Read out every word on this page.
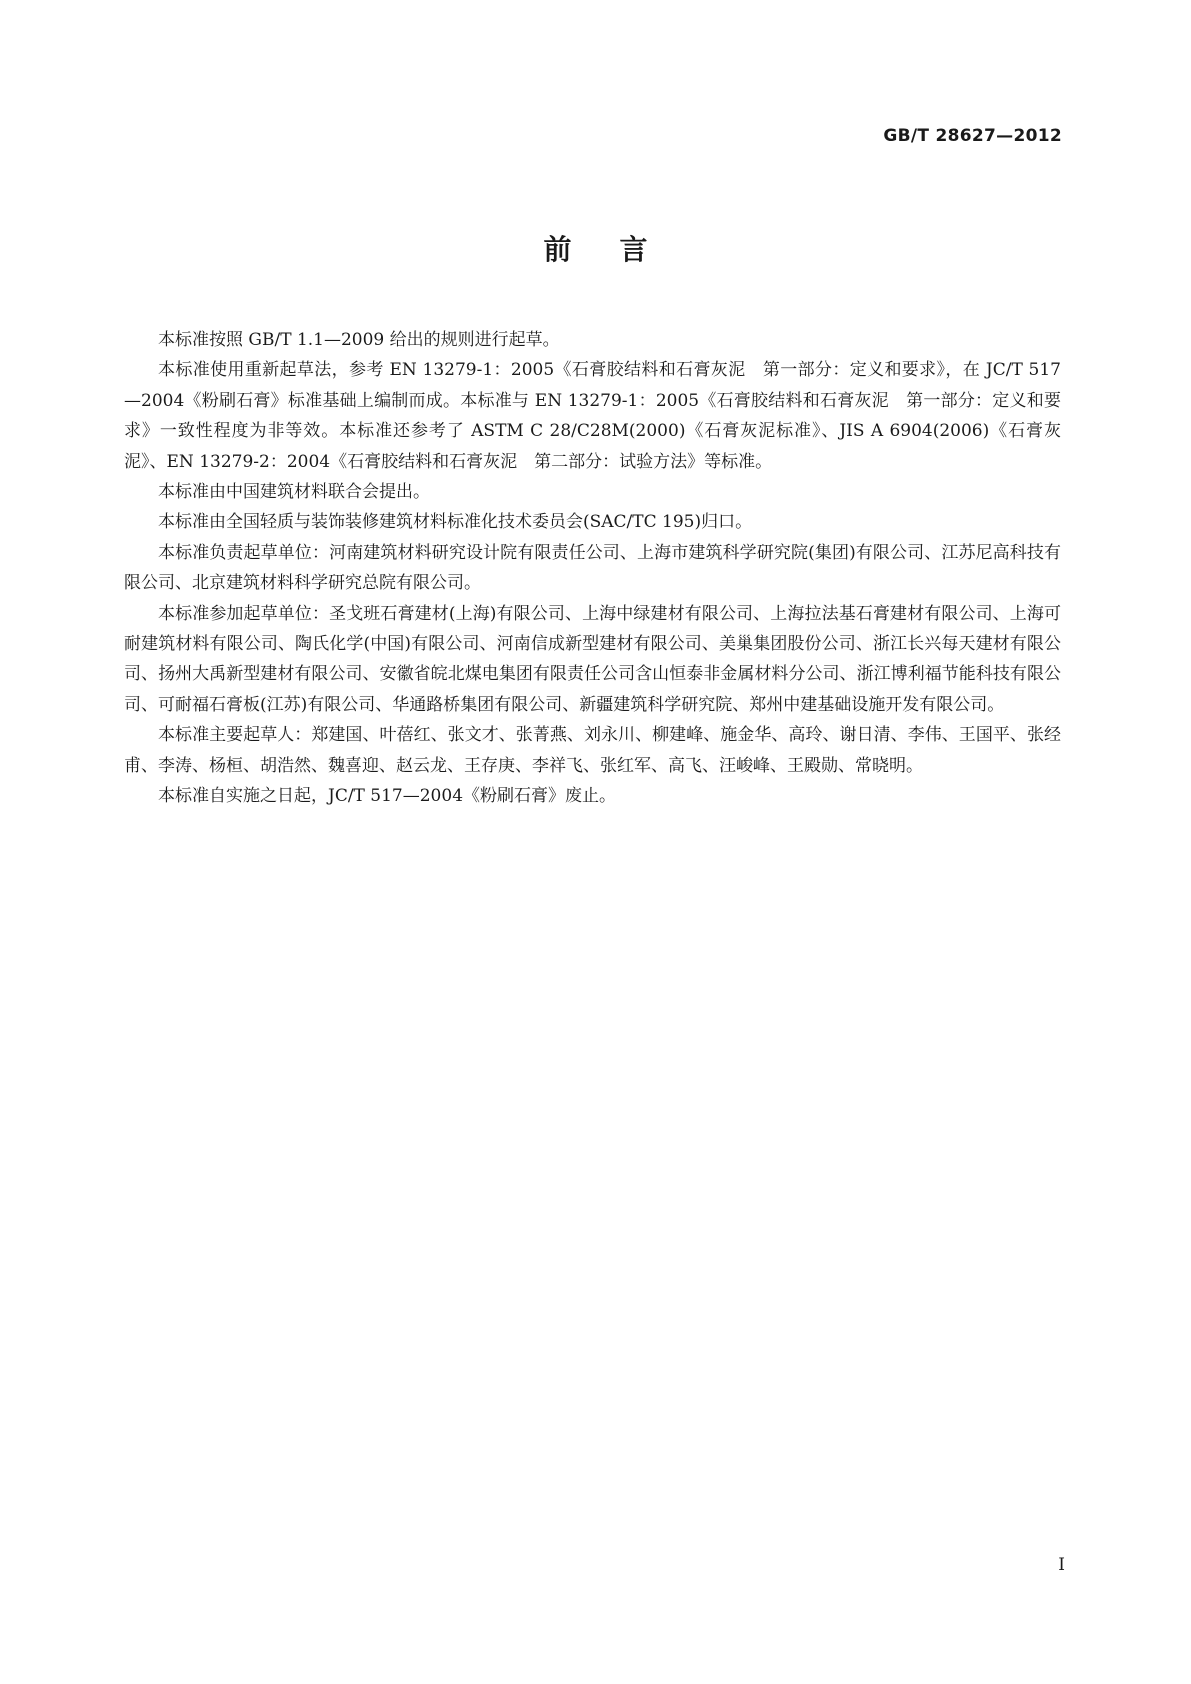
GB/T 28627—2012
前言

本标准按照 GB/T 1.1—2009 给出的规则进行起草。

本标准使用重新起草法，参考 EN 13279-1：2005《石膏胶结料和石膏灰泥　第一部分：定义和要求》，在 JC/T 517—2004《粉刷石膏》标准基础上编制而成。本标准与 EN 13279-1：2005《石膏胶结料和石膏灰泥　第一部分：定义和要求》一致性程度为非等效。本标准还参考了 ASTM C 28/C28M(2000)《石膏灰泥标准》、JIS A 6904(2006)《石膏灰泥》、EN 13279-2：2004《石膏胶结料和石膏灰泥　第二部分：试验方法》等标准。

本标准由中国建筑材料联合会提出。

本标准由全国轻质与装饰装修建筑材料标准化技术委员会(SAC/TC 195)归口。

本标准负责起草单位：河南建筑材料研究设计院有限责任公司、上海市建筑科学研究院(集团)有限公司、江苏尼高科技有限公司、北京建筑材料科学研究总院有限公司。

本标准参加起草单位：圣戈班石膏建材(上海)有限公司、上海中绿建材有限公司、上海拉法基石膏建材有限公司、上海可耐建筑材料有限公司、陶氏化学(中国)有限公司、河南信成新型建材有限公司、美巢集团股份公司、浙江长兴每天建材有限公司、扬州大禹新型建材有限公司、安徽省皖北煤电集团有限责任公司含山恒泰非金属材料分公司、浙江博利福节能科技有限公司、可耐福石膏板(江苏)有限公司、华通路桥集团有限公司、新疆建筑科学研究院、郑州中建基础设施开发有限公司。

本标准主要起草人：郑建国、叶蓓红、张文才、张菁燕、刘永川、柳建峰、施金华、高玲、谢日清、李伟、王国平、张经甫、李涛、杨桓、胡浩然、魏喜迎、赵云龙、王存庚、李祥飞、张红军、高飞、汪峻峰、王殿勋、常晓明。

本标准自实施之日起，JC/T 517—2004《粉刷石膏》废止。

I
